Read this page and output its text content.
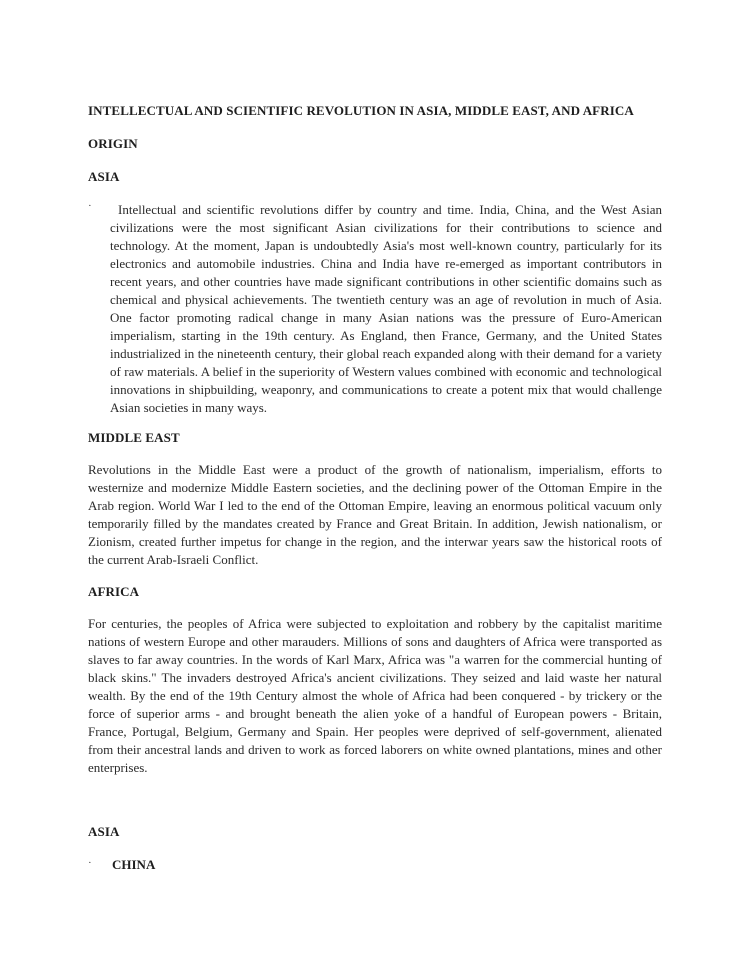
INTELLECTUAL AND SCIENTIFIC REVOLUTION IN ASIA, MIDDLE EAST, AND AFRICA
ORIGIN
ASIA
·	Intellectual and scientific revolutions differ by country and time. India, China, and the West Asian civilizations were the most significant Asian civilizations for their contributions to science and technology. At the moment, Japan is undoubtedly Asia's most well-known country, particularly for its electronics and automobile industries. China and India have re-emerged as important contributors in recent years, and other countries have made significant contributions in other scientific domains such as chemical and physical achievements. The twentieth century was an age of revolution in much of Asia. One factor promoting radical change in many Asian nations was the pressure of Euro-American imperialism, starting in the 19th century. As England, then France, Germany, and the United States industrialized in the nineteenth century, their global reach expanded along with their demand for a variety of raw materials. A belief in the superiority of Western values combined with economic and technological innovations in shipbuilding, weaponry, and communications to create a potent mix that would challenge Asian societies in many ways.
MIDDLE EAST
Revolutions in the Middle East were a product of the growth of nationalism, imperialism, efforts to westernize and modernize Middle Eastern societies, and the declining power of the Ottoman Empire in the Arab region. World War I led to the end of the Ottoman Empire, leaving an enormous political vacuum only temporarily filled by the mandates created by France and Great Britain. In addition, Jewish nationalism, or Zionism, created further impetus for change in the region, and the interwar years saw the historical roots of the current Arab-Israeli Conflict.
AFRICA
For centuries, the peoples of Africa were subjected to exploitation and robbery by the capitalist maritime nations of western Europe and other marauders. Millions of sons and daughters of Africa were transported as slaves to far away countries. In the words of Karl Marx, Africa was "a warren for the commercial hunting of black skins." The invaders destroyed Africa's ancient civilizations. They seized and laid waste her natural wealth. By the end of the 19th Century almost the whole of Africa had been conquered - by trickery or the force of superior arms - and brought beneath the alien yoke of a handful of European powers - Britain, France, Portugal, Belgium, Germany and Spain. Her peoples were deprived of self-government, alienated from their ancestral lands and driven to work as forced laborers on white owned plantations, mines and other enterprises.
ASIA
· CHINA
